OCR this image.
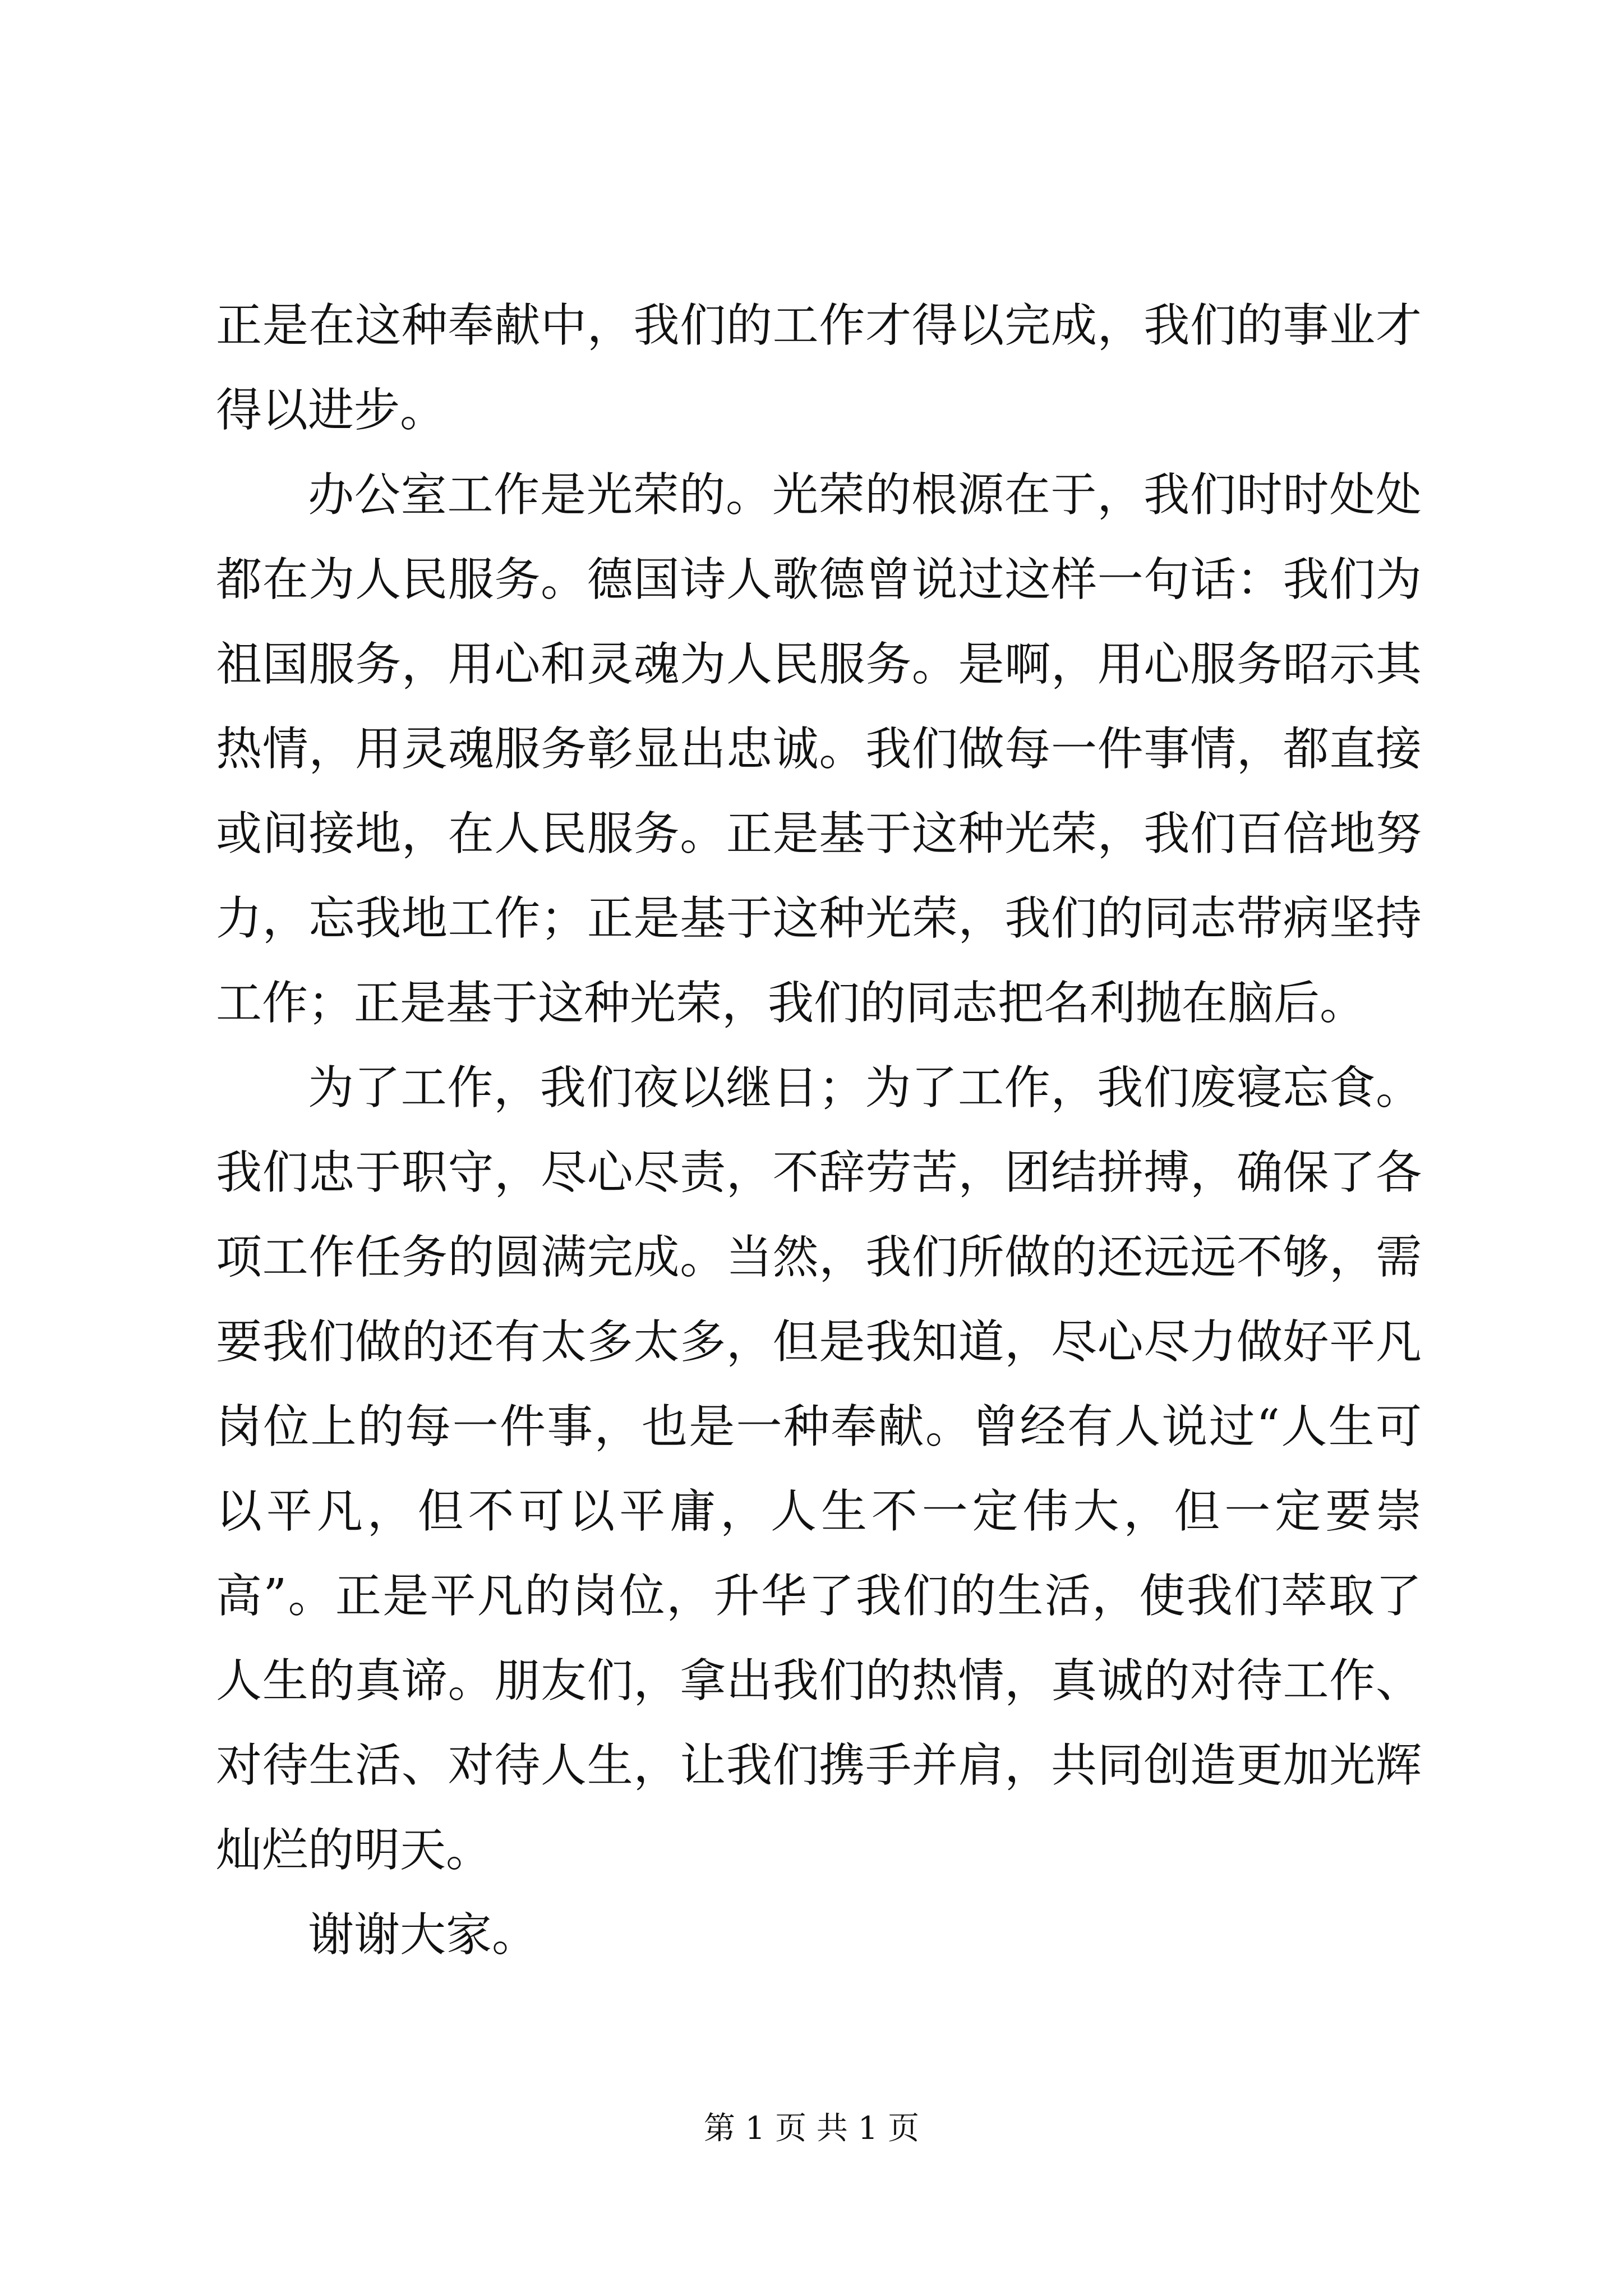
正是在这种奉献中，我们的工作才得以完成，我们的事业才得以进步。

办公室工作是光荣的。光荣的根源在于，我们时时处处都在为人民服务。德国诗人歌德曾说过这样一句话：我们为祖国服务，用心和灵魂为人民服务。是啊，用心服务昭示其热情，用灵魂服务彰显出忠诚。我们做每一件事情，都直接或间接地，在人民服务。正是基于这种光荣，我们百倍地努力，忘我地工作；正是基于这种光荣，我们的同志带病坚持工作；正是基于这种光荣，我们的同志把名利抛在脑后。

为了工作，我们夜以继日；为了工作，我们废寝忘食。我们忠于职守，尽心尽责，不辞劳苦，团结拼搏，确保了各项工作任务的圆满完成。当然，我们所做的还远远不够，需要我们做的还有太多太多，但是我知道，尽心尽力做好平凡岗位上的每一件事，也是一种奉献。曾经有人说过“人生可以平凡，但不可以平庸，人生不一定伟大，但一定要崇高”。正是平凡的岗位，升华了我们的生活，使我们萃取了人生的真谛。朋友们，拿出我们的热情，真诚的对待工作、对待生活、对待人生，让我们携手并肩，共同创造更加光辉灿烂的明天。

谢谢大家。

第 1 页 共 1 页
